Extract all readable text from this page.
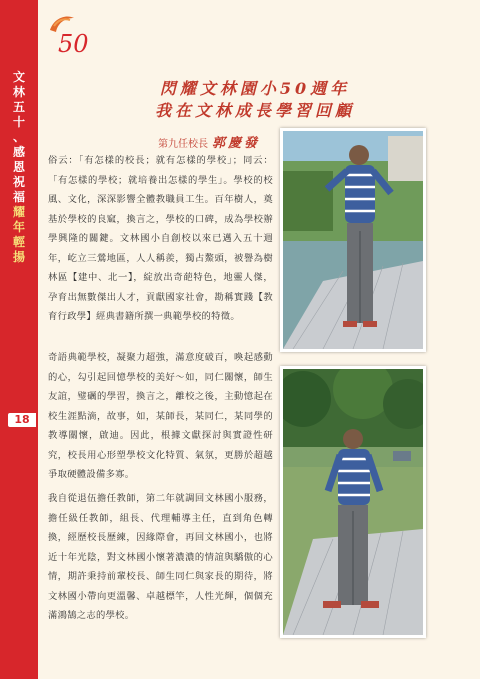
文
林
五
十
、
感
恩
祝
福
耀
年
輕
揚
18
50
閃耀文林園小50週年
我在文林成長學習回顧
第九任校長 郭慶發
俗云：「有怎樣的校長；就有怎樣的學校」；同云：「有怎樣的學校；就培養出怎樣的學生」。學校的校風、文化，深深影響全體教職員工生。百年樹人，奠基於學校的良窳，換言之，學校的口碑，成為學校辦學興隆的關鍵。文林國小自創校以來已邁入五十週年，屹立三鶯地區，人人稱羨，獨占鰲頭，被譽為樹林區【建中、北一】，綻放出奇葩特色，地靈人傑，孕育出無數傑出人才，貢獻國家社會，勘稱實踐【教育行政學】經典書籍所撰一典範學校的特徵。
奇語典範學校，凝聚力超強，滿意度破百，喚起感動的心，勾引起回憶學校的美好～如，同仁關懷，師生友誼，璧礪的學習，換言之，離校之後，主動憶起在校生涯點滴，故事，如，某師長，某同仁，某同學的教導關懷，啟迪。因此，根據文獻探討與實證性研究，校長用心形塑學校文化特質、氣氛，更勝於超越爭取硬體設備多寡。
我自從退伍擔任教師，第二年就調回文林國小服務，擔任級任教師，組長、代理輔導主任，直到角色轉換，經歷校長歷練，因緣際會，再回文林國小，也將近十年光陰，對文林國小懷著濃濃的情誼與驕傲的心情，期許秉持前輩校長、師生同仁與家長的期待，將文林國小帶向更溫馨、卓越標竿，人性光輝，個個充滿鴻鵠之志的學校。
